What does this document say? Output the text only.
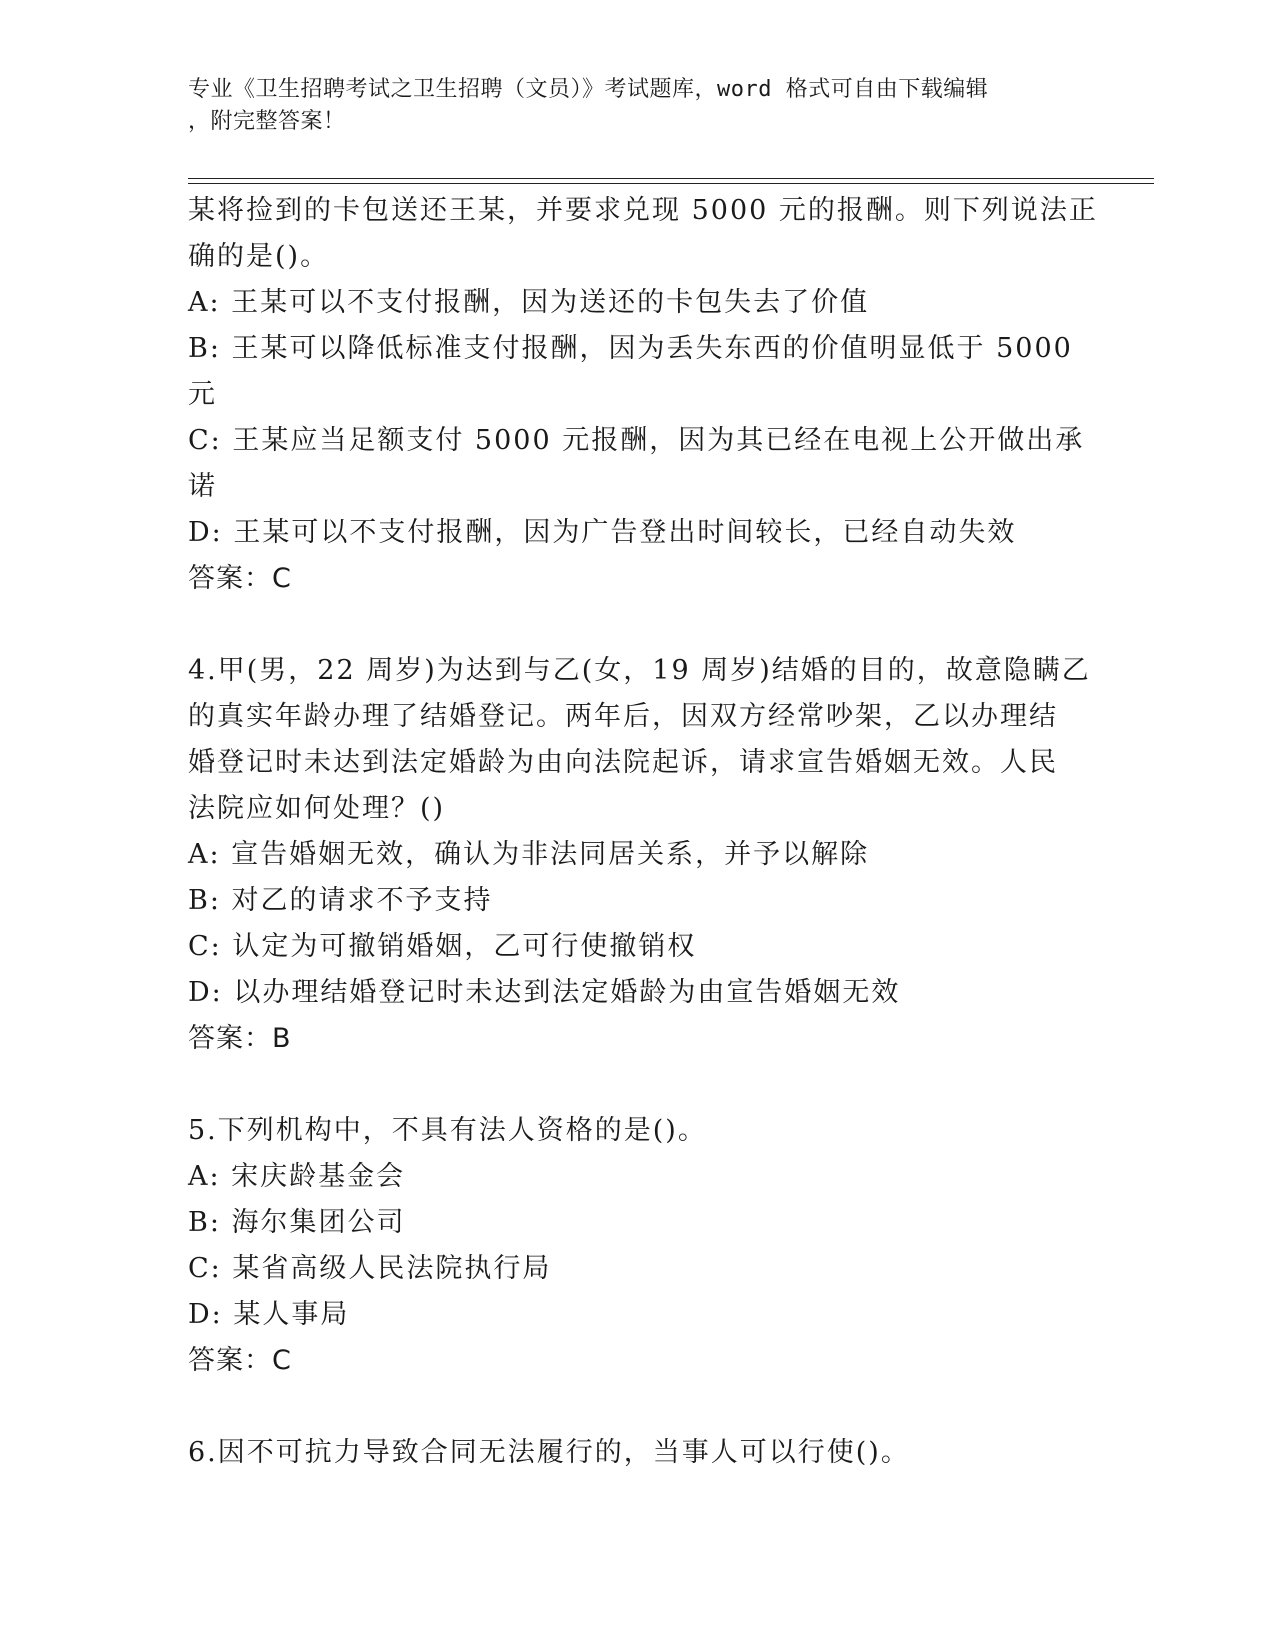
专业《卫生招聘考试之卫生招聘（文员）》考试题库，word 格式可自由下载编辑
，附完整答案！
某将捡到的卡包送还王某，并要求兑现 5000 元的报酬。则下列说法正
确的是()。
A: 王某可以不支付报酬，因为送还的卡包失去了价值
B: 王某可以降低标准支付报酬，因为丢失东西的价值明显低于 5000
元
C: 王某应当足额支付 5000 元报酬，因为其已经在电视上公开做出承
诺
D: 王某可以不支付报酬，因为广告登出时间较长，已经自动失效
答案：C
4.甲(男，22 周岁)为达到与乙(女，19 周岁)结婚的目的，故意隐瞒乙
的真实年龄办理了结婚登记。两年后，因双方经常吵架，乙以办理结
婚登记时未达到法定婚龄为由向法院起诉，请求宣告婚姻无效。人民
法院应如何处理？()
A: 宣告婚姻无效，确认为非法同居关系，并予以解除
B: 对乙的请求不予支持
C: 认定为可撤销婚姻，乙可行使撤销权
D: 以办理结婚登记时未达到法定婚龄为由宣告婚姻无效
答案：B
5.下列机构中，不具有法人资格的是()。
A: 宋庆龄基金会
B: 海尔集团公司
C: 某省高级人民法院执行局
D: 某人事局
答案：C
6.因不可抗力导致合同无法履行的，当事人可以行使()。
